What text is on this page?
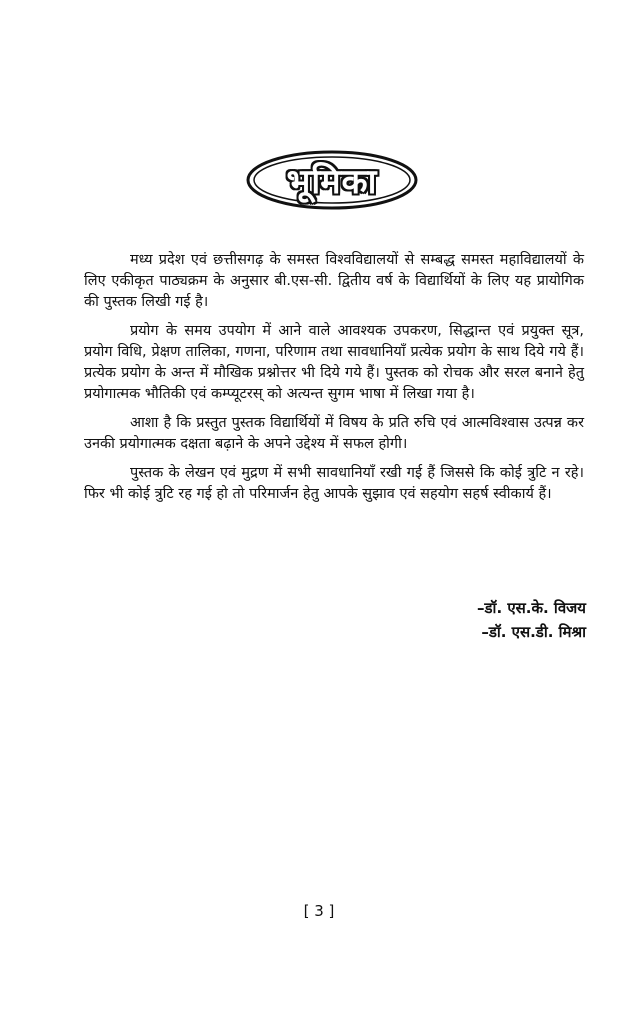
भूमिका

मध्य प्रदेश एवं छत्तीसगढ़ के समस्त विश्वविद्यालयों से सम्बद्ध समस्त महाविद्यालयों के लिए एकीकृत पाठ्यक्रम के अनुसार बी.एस-सी. द्वितीय वर्ष के विद्यार्थियों के लिए यह प्रायोगिक की पुस्तक लिखी गई है।

प्रयोग के समय उपयोग में आने वाले आवश्यक उपकरण, सिद्धान्त एवं प्रयुक्त सूत्र, प्रयोग विधि, प्रेक्षण तालिका, गणना, परिणाम तथा सावधानियाँ प्रत्येक प्रयोग के साथ दिये गये हैं। प्रत्येक प्रयोग के अन्त में मौखिक प्रश्नोत्तर भी दिये गये हैं। पुस्तक को रोचक और सरल बनाने हेतु प्रयोगात्मक भौतिकी एवं कम्प्यूटरस् को अत्यन्त सुगम भाषा में लिखा गया है।

आशा है कि प्रस्तुत पुस्तक विद्यार्थियों में विषय के प्रति रुचि एवं आत्मविश्वास उत्पन्न कर उनकी प्रयोगात्मक दक्षता बढ़ाने के अपने उद्देश्य में सफल होगी।

पुस्तक के लेखन एवं मुद्रण में सभी सावधानियाँ रखी गई हैं जिससे कि कोई त्रुटि न रहे। फिर भी कोई त्रुटि रह गई हो तो परिमार्जन हेतु आपके सुझाव एवं सहयोग सहर्ष स्वीकार्य हैं।

–डॉ. एस.के. विजय
–डॉ. एस.डी. मिश्रा
[ 3 ]
